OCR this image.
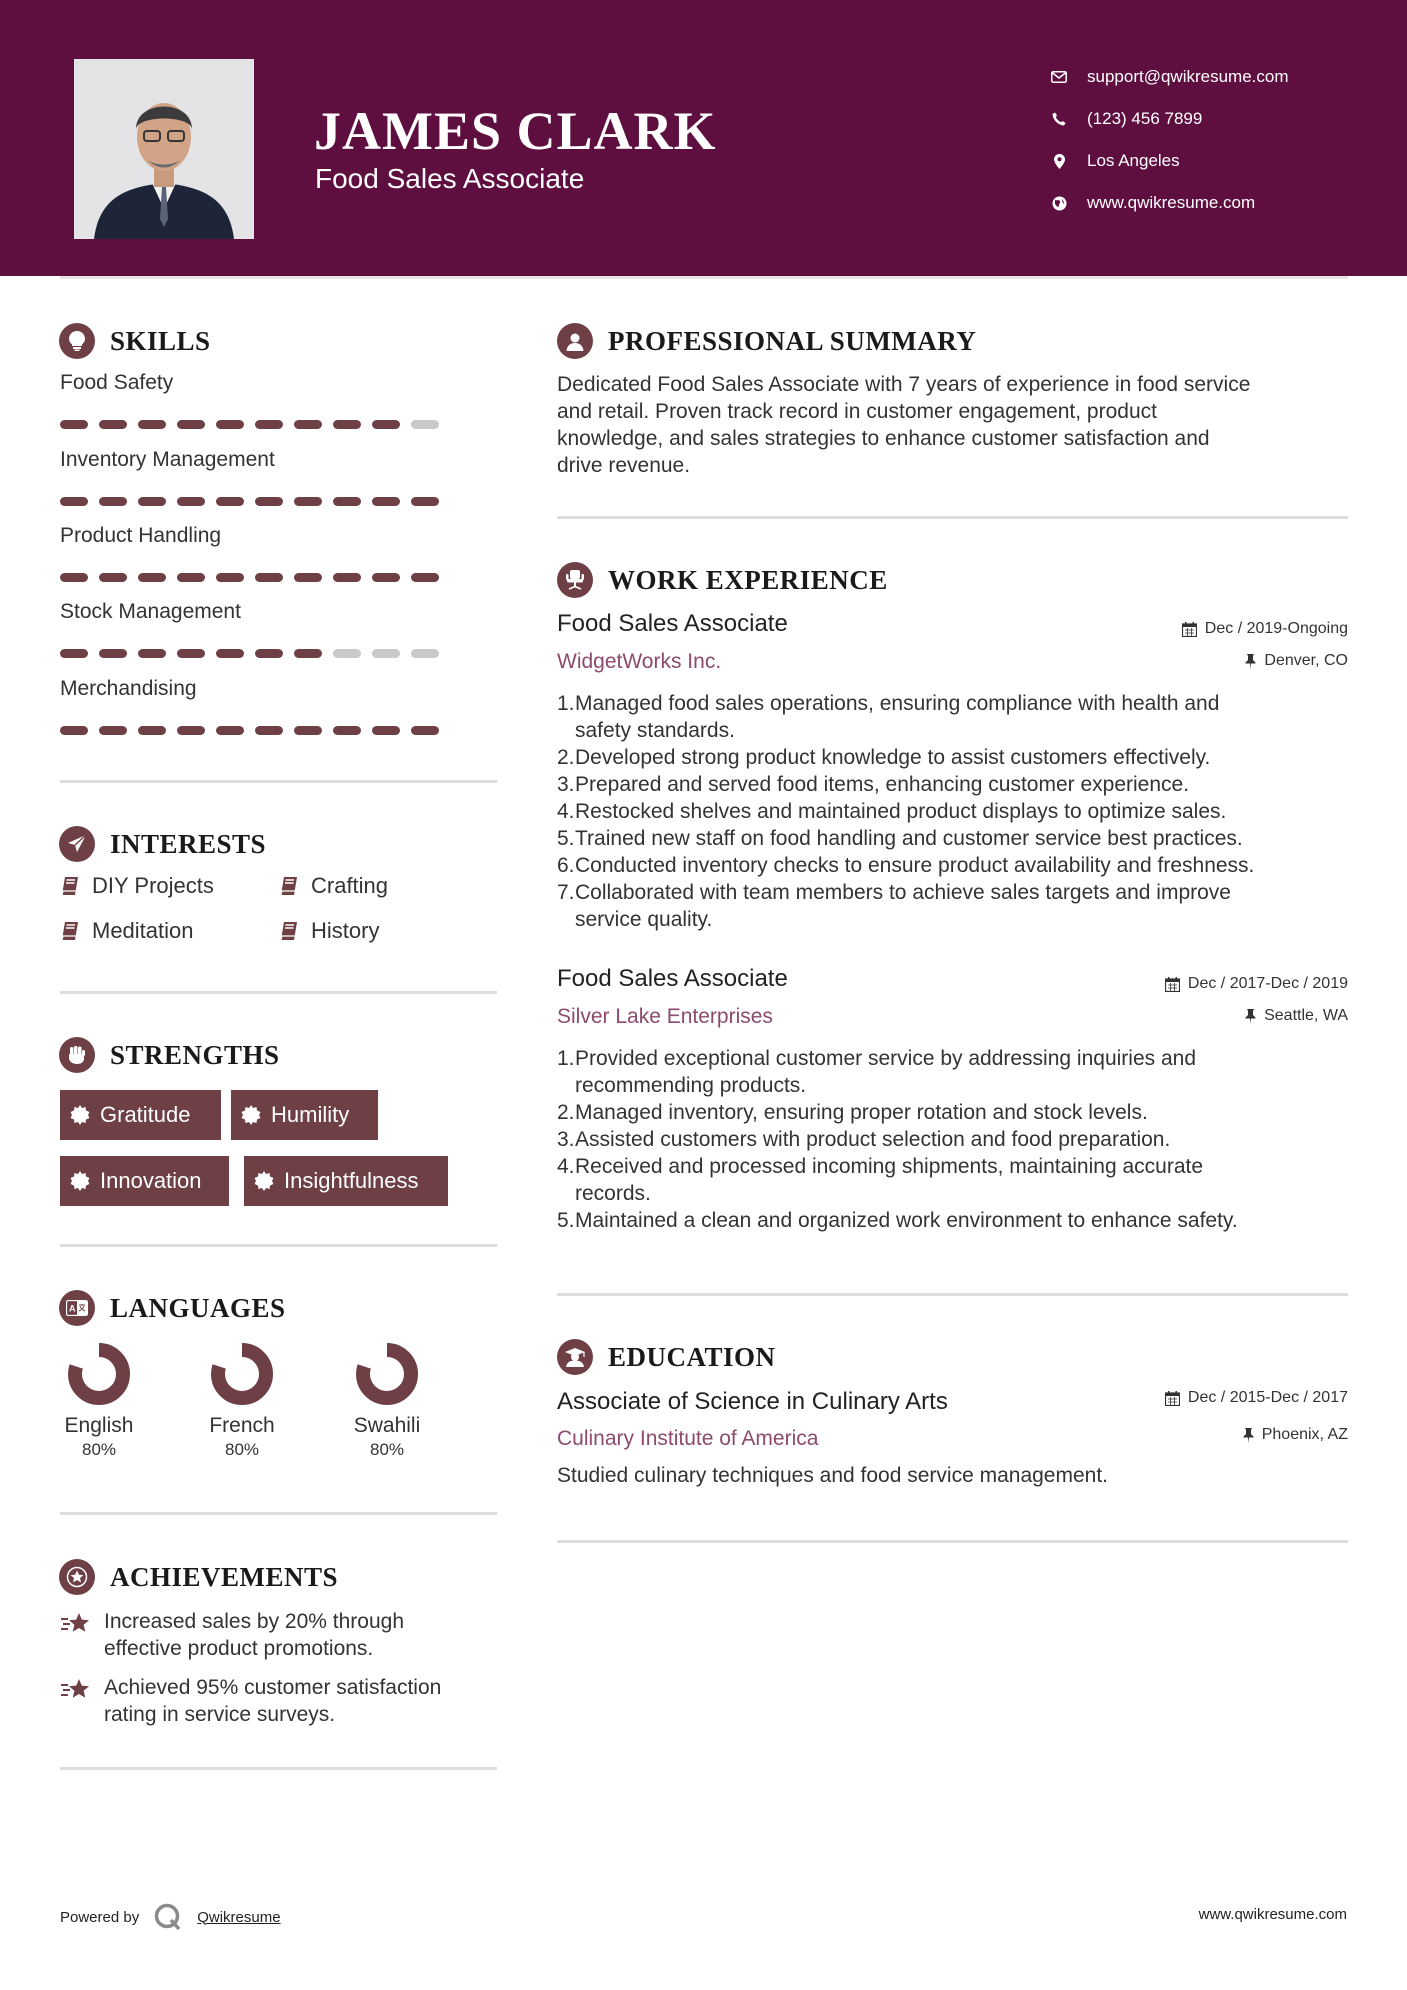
JAMES CLARK
Food Sales Associate
support@qwikresume.com
(123) 456 7899
Los Angeles
www.qwikresume.com
SKILLS
Food Safety
Inventory Management
Product Handling
Stock Management
Merchandising
INTERESTS
DIY Projects	Crafting
Meditation	History
STRENGTHS
Gratitude	Humility
Innovation	Insightfulness
A LANGUAGES
English
80%
French
80%
Swahili
80%
ACHIEVEMENTS
Increased sales by 20% through
effective product promotions.
Achieved 95% customer satisfaction
rating in service surveys.
PROFESSIONAL SUMMARY
Dedicated Food Sales Associate with 7 years of experience in food service
and retail. Proven track record in customer engagement, product
knowledge, and sales strategies to enhance customer satisfaction and
drive revenue.
WORK EXPERIENCE
Food Sales Associate
WidgetWorks Inc.
Dec / 2019-Ongoing
Denver, CO
1. Managed food sales operations, ensuring compliance with health and
safety standards.
2. Developed strong product knowledge to assist customers effectively.
3. Prepared and served food items, enhancing customer experience.
4. Restocked shelves and maintained product displays to optimize sales.
5. Trained new staff on food handling and customer service best practices.
6. Conducted inventory checks to ensure product availability and freshness.
7. Collaborated with team members to achieve sales targets and improve
service quality.
Food Sales Associate
Silver Lake Enterprises
Dec / 2017-Dec / 2019
Seattle, WA
1. Provided exceptional customer service by addressing inquiries and
recommending products.
2. Managed inventory, ensuring proper rotation and stock levels.
3. Assisted customers with product selection and food preparation.
4. Received and processed incoming shipments, maintaining accurate
records.
5. Maintained a clean and organized work environment to enhance safety.
EDUCATION
Associate of Science in Culinary Arts
Culinary Institute of America
Dec / 2015-Dec / 2017
Phoenix, AZ
Studied culinary techniques and food service management.
Powered by	Qwikresume	www.qwikresume.com
